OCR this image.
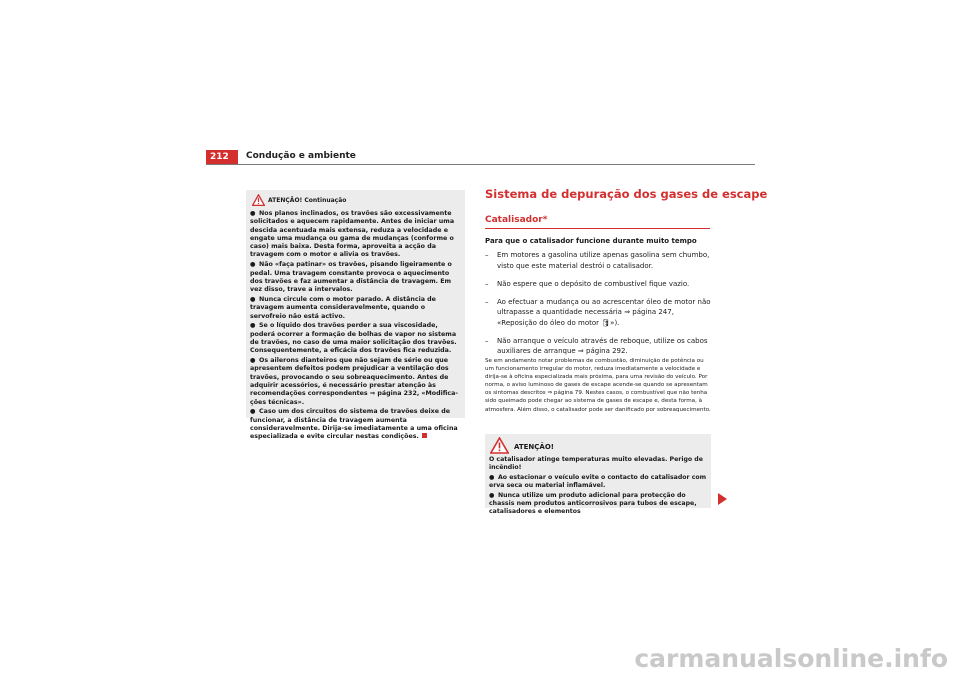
212	Condução e ambiente
ATENÇÃO! Continuação

● Nos planos inclinados, os travões são excessivamente solicitados e aquecem rapidamente. Antes de iniciar uma descida acentuada mais extensa, reduza a velocidade e engate uma mudança ou gama de mudanças (conforme o caso) mais baixa. Desta forma, aproveita a acção da travagem com o motor e alivia os travões.

● Não «faça patinar» os travões, pisando ligeiramente o pedal. Uma travagem constante provoca o aquecimento dos travões e faz aumentar a distância de travagem. Em vez disso, trave a intervalos.

● Nunca circule com o motor parado. A distância de travagem aumenta consideravelmente, quando o servofreio não está activo.

● Se o líquido dos travões perder a sua viscosidade, poderá ocorrer a formação de bolhas de vapor no sistema de travões, no caso de uma maior solicitação dos travões. Consequentemente, a eficácia dos travões fica reduzida.

● Os ailerons dianteiros que não sejam de série ou que apresentem defeitos podem prejudicar a ventilação dos travões, provocando o seu sobreaquecimento. Antes de adquirir acessórios, é necessário prestar atenção às recomendações correspondentes ⇒ página 232, «Modificações técnicas».

● Caso um dos circuitos do sistema de travões deixe de funcionar, a distância de travagem aumenta consideravelmente. Dirija-se imediatamente a uma oficina especializada e evite circular nestas condições.

Sistema de depuração dos gases de escape
Catalisador*
Para que o catalisador funcione durante muito tempo
– Em motores a gasolina utilize apenas gasolina sem chumbo, visto que este material destrói o catalisador.
– Não espere que o depósito de combustível fique vazio.
– Ao efectuar a mudança ou ao acrescentar óleo de motor não ultrapasse a quantidade necessária ⇒ página 247, «Reposição do óleo do motor 🛢»).
– Não arranque o veículo através de reboque, utilize os cabos auxiliares de arranque ⇒ página 292.
Se em andamento notar problemas de combustão, diminuição de potência ou um funcionamento irregular do motor, reduza imediatamente a velocidade e dirija-se à oficina especializada mais próxima, para uma revisão do veículo. Por norma, o aviso luminoso de gases de escape acende-se quando se apresentam os sintomas descritos ⇒ página 79. Nestes casos, o combustível que não tenha sido queimado pode chegar ao sistema de gases de escape e, desta forma, à atmosfera. Além disso, o catalisador pode ser danificado por sobreaquecimento.
ATENÇÃO!

O catalisador atinge temperaturas muito elevadas. Perigo de incêndio!

● Ao estacionar o veículo evite o contacto do catalisador com erva seca ou material inflamável.

● Nunca utilize um produto adicional para protecção do chassis nem produtos anticorrosivos para tubos de escape, catalisadores e elementos

carmanualsonline.info
